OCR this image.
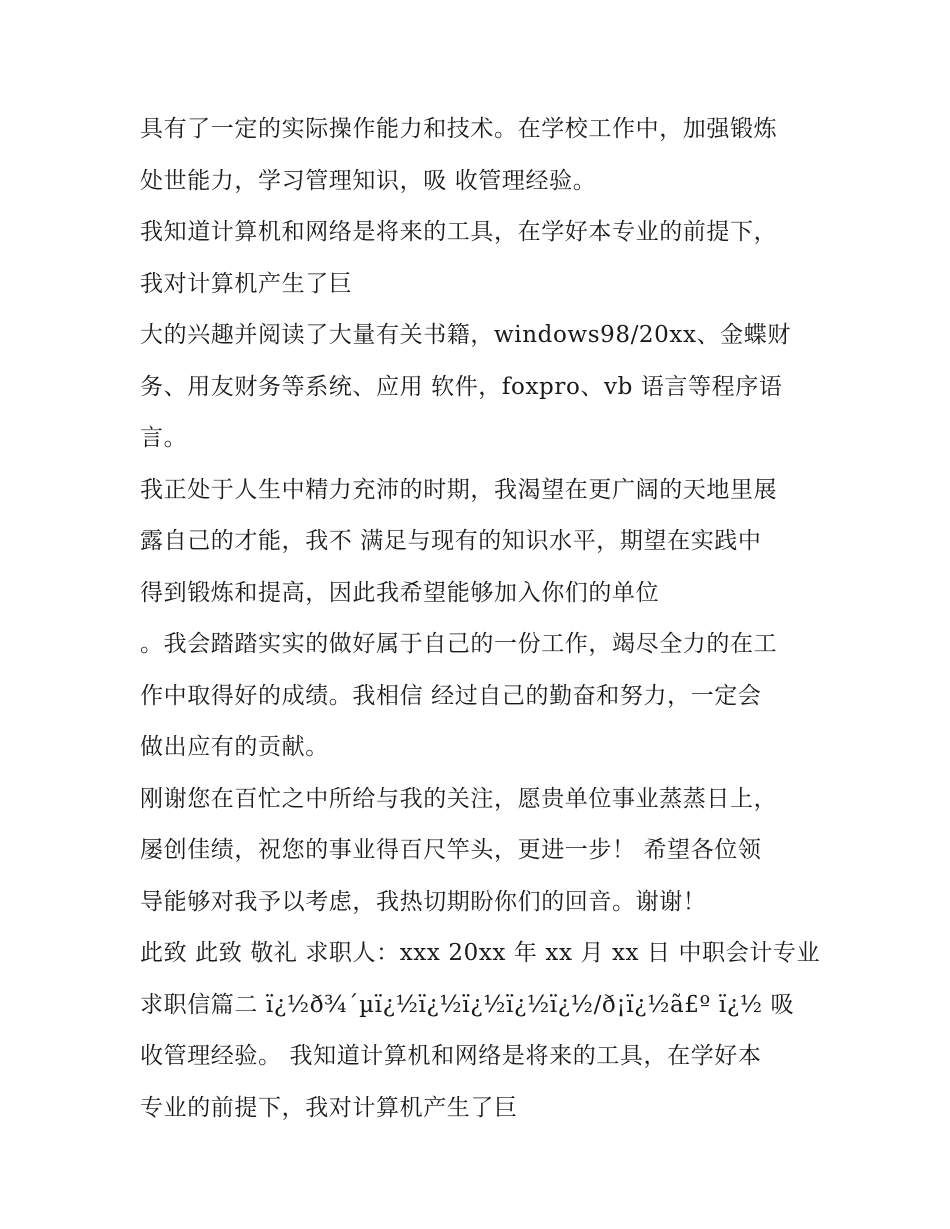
具有了一定的实际操作能力和技术。在学校工作中，加强锻炼
处世能力，学习管理知识，吸 收管理经验。
我知道计算机和网络是将来的工具，在学好本专业的前提下，
我对计算机产生了巨
大的兴趣并阅读了大量有关书籍，windows98/20xx、金蝶财
务、用友财务等系统、应用 软件，foxpro、vb 语言等程序语
言。
我正处于人生中精力充沛的时期，我渴望在更广阔的天地里展
露自己的才能，我不 满足与现有的知识水平，期望在实践中
得到锻炼和提高，因此我希望能够加入你们的单位
。我会踏踏实实的做好属于自己的一份工作，竭尽全力的在工
作中取得好的成绩。我相信 经过自己的勤奋和努力，一定会
做出应有的贡献。
刚谢您在百忙之中所给与我的关注，愿贵单位事业蒸蒸日上，
屡创佳绩，祝您的事业得百尺竿头，更进一步！ 希望各位领
导能够对我予以考虑，我热切期盼你们的回音。谢谢！
此致 此致 敬礼 求职人：xxx 20xx 年 xx 月 xx 日 中职会计专业
求职信篇二 ï¿½ð¾´µï¿½ï¿½ï¿½ï¿½ï¿½/ð¡ï¿½ã£º ï¿½ 吸
收管理经验。 我知道计算机和网络是将来的工具，在学好本
专业的前提下，我对计算机产生了巨
